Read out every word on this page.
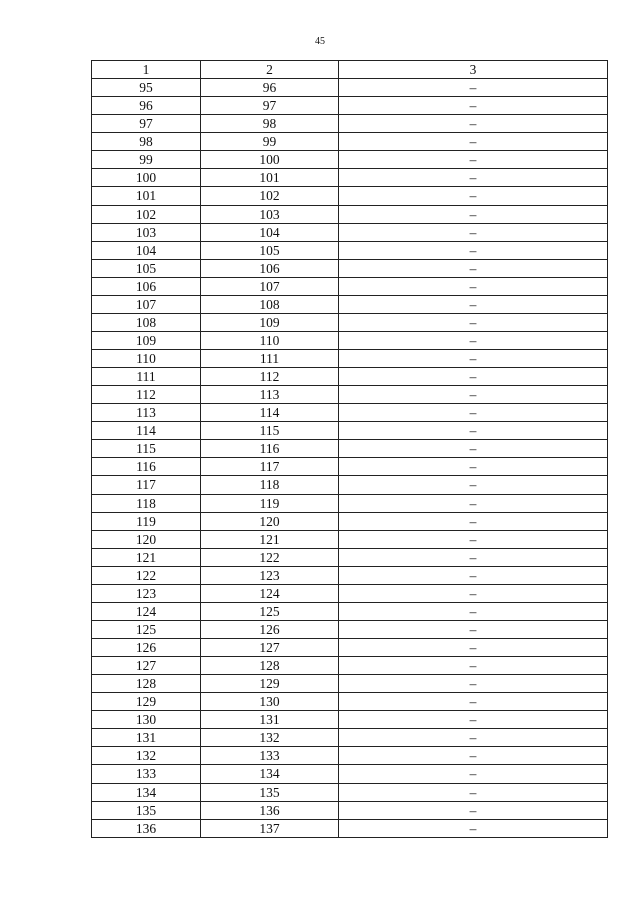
45
1	2	3
95	96	–
96	97	–
97	98	–
98	99	–
99	100	–
100	101	–
101	102	–
102	103	–
103	104	–
104	105	–
105	106	–
106	107	–
107	108	–
108	109	–
109	110	–
110	111	–
111	112	–
112	113	–
113	114	–
114	115	–
115	116	–
116	117	–
117	118	–
118	119	–
119	120	–
120	121	–
121	122	–
122	123	–
123	124	–
124	125	–
125	126	–
126	127	–
127	128	–
128	129	–
129	130	–
130	131	–
131	132	–
132	133	–
133	134	–
134	135	–
135	136	–
136	137	–
